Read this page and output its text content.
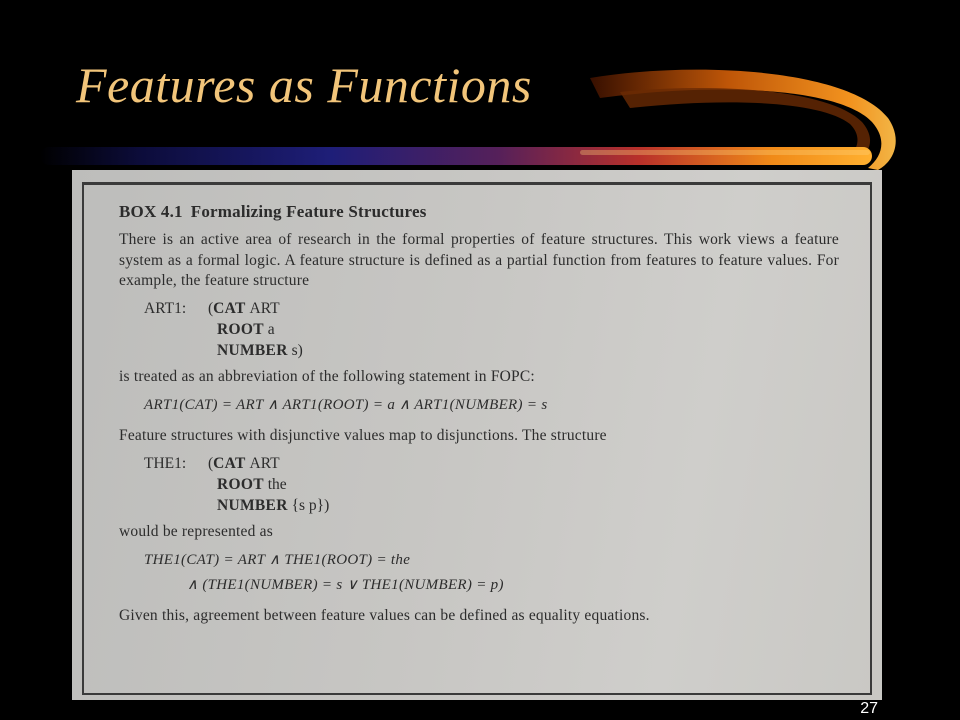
Features as Functions
BOX 4.1 Formalizing Feature Structures

There is an active area of research in the formal properties of feature structures. This work views a feature system as a formal logic. A feature structure is defined as a partial function from features to feature values. For example, the feature structure

ART1:	( CAT
ART
ROOT
a
NUMBER
s)

is treated as an abbreviation of the following statement in FOPC:

ART1(CAT) = ART ∧ ART1(ROOT) = a ∧ ART1(NUMBER) = s

Feature structures with disjunctive values map to disjunctions. The structure

THE1:	( CAT
ART
ROOT
the
NUMBER
{s p})

would be represented as

THE1(CAT) = ART ∧ THE1(ROOT) = the
∧ (THE1(NUMBER) = s ∨ THE1(NUMBER) = p)

Given this, agreement between feature values can be defined as equality equations.

27
